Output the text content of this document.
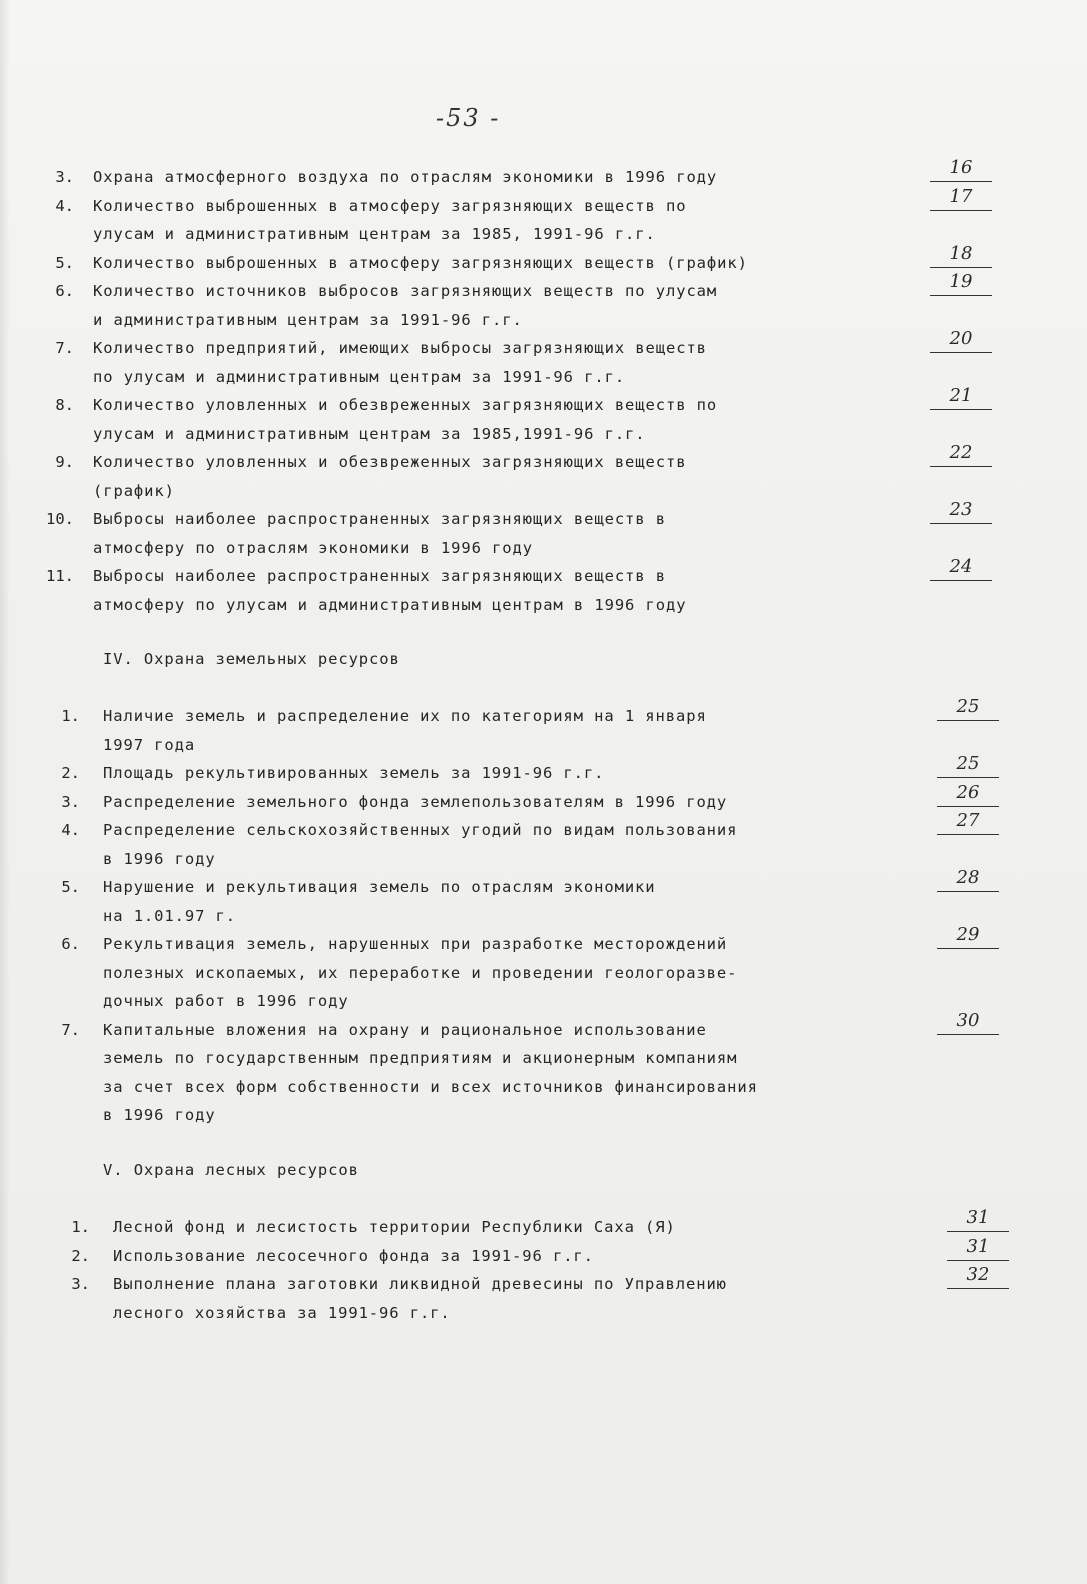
-53 -
3. Охрана атмосферного воздуха по отраслям экономики в 1996 году	16
4. Количество выброшенных в атмосферу загрязняющих веществ по
улусам и административным центрам за 1985, 1991-96 г.г.
17
5. Количество выброшенных в атмосферу загрязняющих веществ (график)	18
6. Количество источников выбросов загрязняющих веществ по улусам
и административным центрам за 1991-96 г.г.
19
7. Количество предприятий, имеющих выбросы загрязняющих веществ
по улусам и административным центрам за 1991-96 г.г.
20
8. Количество уловленных и обезвреженных загрязняющих веществ по
улусам и административным центрам за 1985,1991-96 г.г.
21
9. Количество уловленных и обезвреженных загрязняющих веществ
(график)
22
10. Выбросы наиболее распространенных загрязняющих веществ в
атмосферу по отраслям экономики в 1996 году
23
11. Выбросы наиболее распространенных загрязняющих веществ в
атмосферу по улусам и административным центрам в 1996 году
24
IV. Охрана земельных ресурсов
1. Наличие земель и распределение их по категориям на 1 января
1997 года
25
2. Площадь рекультивированных земель за 1991-96 г.г.	25
3. Распределение земельного фонда землепользователям в 1996 году	26
4. Распределение сельскохозяйственных угодий по видам пользования
в 1996 году
27
5. Нарушение и рекультивация земель по отраслям экономики
на 1.01.97 г.
28
6. Рекультивация земель, нарушенных при разработке месторождений
полезных ископаемых, их переработке и проведении геологоразве-
дочных работ в 1996 году
29
7. Капитальные вложения на охрану и рациональное использование
земель по государственным предприятиям и акционерным компаниям
за счет всех форм собственности и всех источников финансирования
в 1996 году
30
V. Охрана лесных ресурсов
1. Лесной фонд и лесистость территории Республики Саха (Я)	31
2. Использование лесосечного фонда за 1991-96 г.г.	31
3. Выполнение плана заготовки ликвидной древесины по Управлению
лесного хозяйства за 1991-96 г.г.
32
